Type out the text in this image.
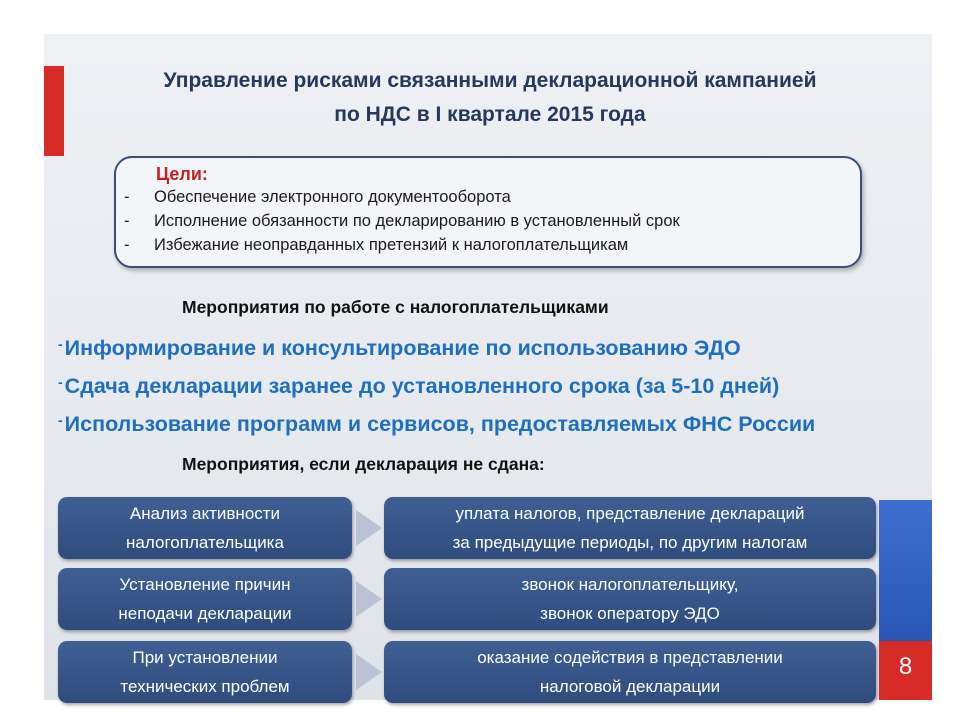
Управление рисками связанными декларационной кампанией
по НДС в I квартале 2015 года
Цели:
- Обеспечение электронного документооборота
- Исполнение обязанности по декларированию в установленный срок
- Избежание неоправданных претензий к налогоплательщикам
Мероприятия по работе с налогоплательщиками
-Информирование и консультирование по использованию ЭДО
-Сдача декларации заранее до установленного срока (за 5-10 дней)
-Использование программ и сервисов, предоставляемых ФНС России
Мероприятия, если декларация не сдана:
Анализ активности
налогоплательщика
уплата налогов, представление деклараций
за предыдущие периоды, по другим налогам
Установление причин
неподачи декларации
звонок налогоплательщику,
звонок оператору ЭДО
При установлении
технических проблем
оказание содействия в представлении
налоговой декларации
8
